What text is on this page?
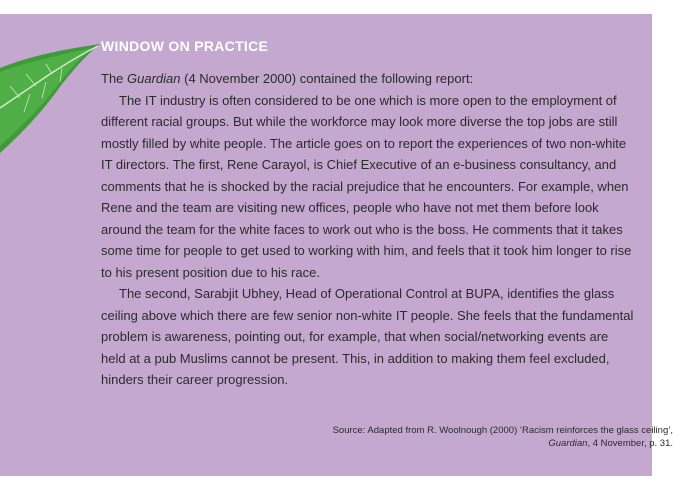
WINDOW ON PRACTICE

The Guardian (4 November 2000) contained the following report:

The IT industry is often considered to be one which is more open to the employment of different racial groups. But while the workforce may look more diverse the top jobs are still mostly filled by white people. The article goes on to report the experiences of two non-white IT directors. The first, Rene Carayol, is Chief Executive of an e-business consultancy, and comments that he is shocked by the racial prejudice that he encounters. For example, when Rene and the team are visiting new offices, people who have not met them before look around the team for the white faces to work out who is the boss. He comments that it takes some time for people to get used to working with him, and feels that it took him longer to rise to his present position due to his race.

The second, Sarabjit Ubhey, Head of Operational Control at BUPA, identifies the glass ceiling above which there are few senior non-white IT people. She feels that the fundamental problem is awareness, pointing out, for example, that when social/networking events are held at a pub Muslims cannot be present. This, in addition to making them feel excluded, hinders their career progression.

Source: Adapted from R. Woolnough (2000) ‘Racism reinforces the glass ceiling’,
Guardian, 4 November, p. 31.
